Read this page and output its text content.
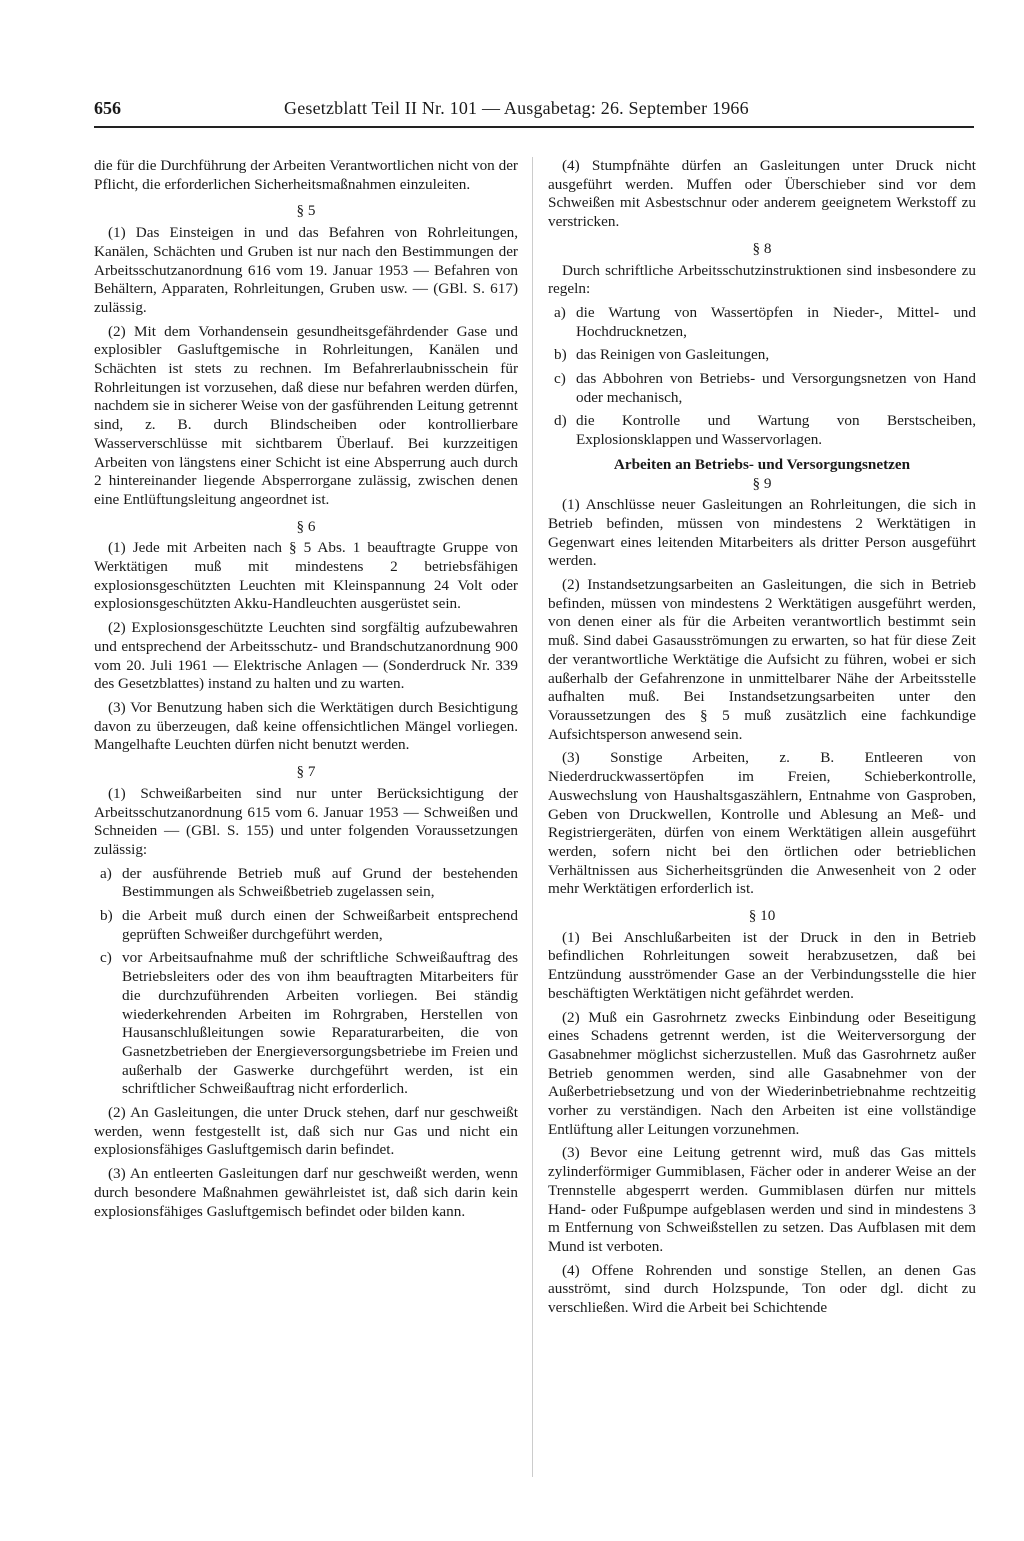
656	Gesetzblatt Teil II Nr. 101 — Ausgabetag: 26. September 1966

die für die Durchführung der Arbeiten Verantwortlichen nicht von der Pflicht, die erforderlichen Sicherheitsmaßnahmen einzuleiten.

§ 5

(1) Das Einsteigen in und das Befahren von Rohrleitungen, Kanälen, Schächten und Gruben ist nur nach den Bestimmungen der Arbeitsschutzanordnung 616 vom 19. Januar 1953 — Befahren von Behältern, Apparaten, Rohrleitungen, Gruben usw. — (GBl. S. 617) zulässig.

(2) Mit dem Vorhandensein gesundheitsgefährdender Gase und explosibler Gasluftgemische in Rohrleitungen, Kanälen und Schächten ist stets zu rechnen. Im Befahrerlaubnisschein für Rohrleitungen ist vorzusehen, daß diese nur befahren werden dürfen, nachdem sie in sicherer Weise von der gasführenden Leitung getrennt sind, z. B. durch Blindscheiben oder kontrollierbare Wasserverschlüsse mit sichtbarem Überlauf. Bei kurzzeitigen Arbeiten von längstens einer Schicht ist eine Absperrung auch durch 2 hintereinander liegende Absperrorgane zulässig, zwischen denen eine Entlüftungsleitung angeordnet ist.

§ 6

(1) Jede mit Arbeiten nach § 5 Abs. 1 beauftragte Gruppe von Werktätigen muß mit mindestens 2 betriebsfähigen explosionsgeschützten Leuchten mit Kleinspannung 24 Volt oder explosionsgeschützten Akku-Handleuchten ausgerüstet sein.

(2) Explosionsgeschützte Leuchten sind sorgfältig aufzubewahren und entsprechend der Arbeitsschutz- und Brandschutzanordnung 900 vom 20. Juli 1961 — Elektrische Anlagen — (Sonderdruck Nr. 339 des Gesetzblattes) instand zu halten und zu warten.

(3) Vor Benutzung haben sich die Werktätigen durch Besichtigung davon zu überzeugen, daß keine offensichtlichen Mängel vorliegen. Mangelhafte Leuchten dürfen nicht benutzt werden.

§ 7

(1) Schweißarbeiten sind nur unter Berücksichtigung der Arbeitsschutzanordnung 615 vom 6. Januar 1953 — Schweißen und Schneiden — (GBl. S. 155) und unter folgenden Voraussetzungen zulässig:

a) der ausführende Betrieb muß auf Grund der bestehenden Bestimmungen als Schweißbetrieb zugelassen sein,
b) die Arbeit muß durch einen der Schweißarbeit entsprechend geprüften Schweißer durchgeführt werden,
c) vor Arbeitsaufnahme muß der schriftliche Schweißauftrag des Betriebsleiters oder des von ihm beauftragten Mitarbeiters für die durchzuführenden Arbeiten vorliegen. Bei ständig wiederkehrenden Arbeiten im Rohrgraben, Herstellen von Hausanschlußleitungen sowie Reparaturarbeiten, die von Gasnetzbetrieben der Energieversorgungsbetriebe im Freien und außerhalb der Gaswerke durchgeführt werden, ist ein schriftlicher Schweißauftrag nicht erforderlich.

(2) An Gasleitungen, die unter Druck stehen, darf nur geschweißt werden, wenn festgestellt ist, daß sich nur Gas und nicht ein explosionsfähiges Gasluftgemisch darin befindet.

(3) An entleerten Gasleitungen darf nur geschweißt werden, wenn durch besondere Maßnahmen gewährleistet ist, daß sich darin kein explosionsfähiges Gasluftgemisch befindet oder bilden kann.

(4) Stumpfnähte dürfen an Gasleitungen unter Druck nicht ausgeführt werden. Muffen oder Überschieber sind vor dem Schweißen mit Asbestschnur oder anderem geeignetem Werkstoff zu verstricken.

§ 8

Durch schriftliche Arbeitsschutzinstruktionen sind insbesondere zu regeln:

a) die Wartung von Wassertöpfen in Nieder-, Mittel- und Hochdrucknetzen,
b) das Reinigen von Gasleitungen,
c) das Abbohren von Betriebs- und Versorgungsnetzen von Hand oder mechanisch,
d) die Kontrolle und Wartung von Berstscheiben, Explosionsklappen und Wasservorlagen.
Arbeiten an Betriebs- und Versorgungsnetzen
§ 9

(1) Anschlüsse neuer Gasleitungen an Rohrleitungen, die sich in Betrieb befinden, müssen von mindestens 2 Werktätigen in Gegenwart eines leitenden Mitarbeiters als dritter Person ausgeführt werden.

(2) Instandsetzungsarbeiten an Gasleitungen, die sich in Betrieb befinden, müssen von mindestens 2 Werktätigen ausgeführt werden, von denen einer als für die Arbeiten verantwortlich bestimmt sein muß. Sind dabei Gasausströmungen zu erwarten, so hat für diese Zeit der verantwortliche Werktätige die Aufsicht zu führen, wobei er sich außerhalb der Gefahrenzone in unmittelbarer Nähe der Arbeitsstelle aufhalten muß. Bei Instandsetzungsarbeiten unter den Voraussetzungen des § 5 muß zusätzlich eine fachkundige Aufsichtsperson anwesend sein.

(3) Sonstige Arbeiten, z. B. Entleeren von Niederdruckwassertöpfen im Freien, Schieberkontrolle, Auswechslung von Haushaltsgaszählern, Entnahme von Gasproben, Geben von Druckwellen, Kontrolle und Ablesung an Meß- und Registriergeräten, dürfen von einem Werktätigen allein ausgeführt werden, sofern nicht bei den örtlichen oder betrieblichen Verhältnissen aus Sicherheitsgründen die Anwesenheit von 2 oder mehr Werktätigen erforderlich ist.

§ 10

(1) Bei Anschlußarbeiten ist der Druck in den in Betrieb befindlichen Rohrleitungen soweit herabzusetzen, daß bei Entzündung ausströmender Gase an der Verbindungsstelle die hier beschäftigten Werktätigen nicht gefährdet werden.

(2) Muß ein Gasrohrnetz zwecks Einbindung oder Beseitigung eines Schadens getrennt werden, ist die Weiterversorgung der Gasabnehmer möglichst sicherzustellen. Muß das Gasrohrnetz außer Betrieb genommen werden, sind alle Gasabnehmer von der Außerbetriebsetzung und von der Wiederinbetriebnahme rechtzeitig vorher zu verständigen. Nach den Arbeiten ist eine vollständige Entlüftung aller Leitungen vorzunehmen.

(3) Bevor eine Leitung getrennt wird, muß das Gas mittels zylinderförmiger Gummiblasen, Fächer oder in anderer Weise an der Trennstelle abgesperrt werden. Gummiblasen dürfen nur mittels Hand- oder Fußpumpe aufgeblasen werden und sind in mindestens 3 m Entfernung von Schweißstellen zu setzen. Das Aufblasen mit dem Mund ist verboten.

(4) Offene Rohrenden und sonstige Stellen, an denen Gas ausströmt, sind durch Holzspunde, Ton oder dgl. dicht zu verschließen. Wird die Arbeit bei Schichtende
